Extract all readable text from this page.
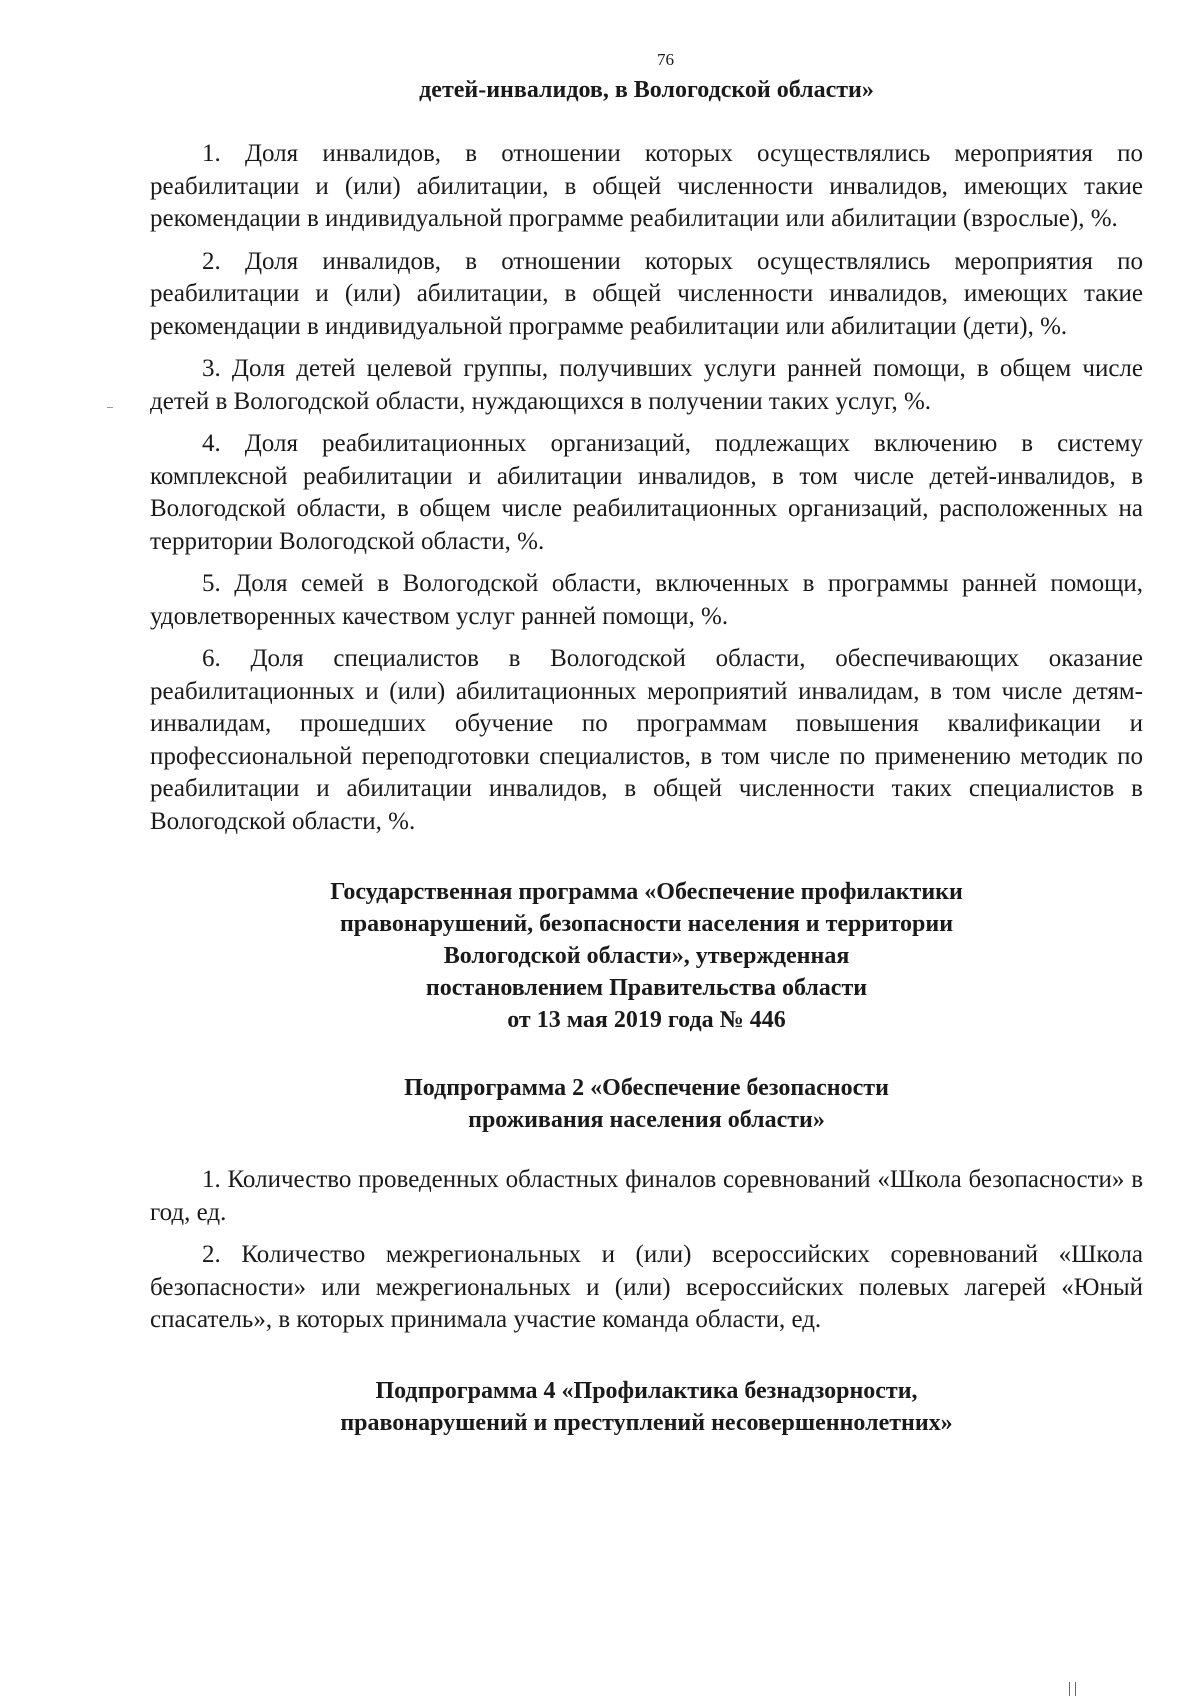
76
детей-инвалидов, в Вологодской области»

1. Доля инвалидов, в отношении которых осуществлялись мероприятия по реабилитации и (или) абилитации, в общей численности инвалидов, имеющих такие рекомендации в индивидуальной программе реабилитации или абилитации (взрослые), %.

2. Доля инвалидов, в отношении которых осуществлялись мероприятия по реабилитации и (или) абилитации, в общей численности инвалидов, имеющих такие рекомендации в индивидуальной программе реабилитации или абилитации (дети), %.

3. Доля детей целевой группы, получивших услуги ранней помощи, в общем числе детей в Вологодской области, нуждающихся в получении таких услуг, %.

4. Доля реабилитационных организаций, подлежащих включению в систему комплексной реабилитации и абилитации инвалидов, в том числе детей-инвалидов, в Вологодской области, в общем числе реабилитационных организаций, расположенных на территории Вологодской области, %.

5. Доля семей в Вологодской области, включенных в программы ранней помощи, удовлетворенных качеством услуг ранней помощи, %.

6. Доля специалистов в Вологодской области, обеспечивающих оказание реабилитационных и (или) абилитационных мероприятий инвалидам, в том числе детям-инвалидам, прошедших обучение по программам повышения квалификации и профессиональной переподготовки специалистов, в том числе по применению методик по реабилитации и абилитации инвалидов, в общей численности таких специалистов в Вологодской области, %.

Государственная программа «Обеспечение профилактики
правонарушений, безопасности населения и территории
Вологодской области», утвержденная
постановлением Правительства области
от 13 мая 2019 года № 446
Подпрограмма 2 «Обеспечение безопасности
проживания населения области»

1. Количество проведенных областных финалов соревнований «Школа безопасности» в год, ед.

2. Количество межрегиональных и (или) всероссийских соревнований «Школа безопасности» или межрегиональных и (или) всероссийских полевых лагерей «Юный спасатель», в которых принимала участие команда области, ед.

Подпрограмма 4 «Профилактика безнадзорности,
правонарушений и преступлений несовершеннолетних»
